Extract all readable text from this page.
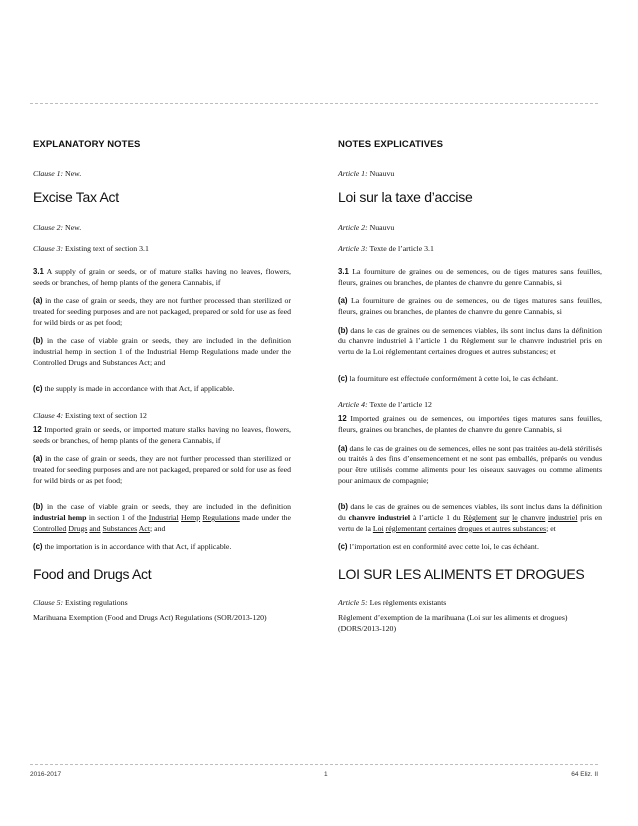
EXPLANATORY NOTES
Clause 1: New.
Excise Tax Act
Clause 2: New.
Clause 3: Existing text of section 3.1

3.1 A supply of grain or seeds, or of mature stalks having no leaves, flowers, seeds or branches, of hemp plants of the genera Cannabis, if

(a) in the case of grain or seeds, they are not further processed than sterilized or treated for seeding purposes and are not packaged, prepared or sold for use as feed for wild birds or as pet food;

(b) in the case of viable grain or seeds, they are included in the definition industrial hemp in section 1 of the Industrial Hemp Regulations made under the Controlled Drugs and Substances Act; and

(c) the supply is made in accordance with that Act, if applicable.

Clause 4: Existing text of section 12

12 Imported grain or seeds, or imported mature stalks having no leaves, flowers, seeds or branches, of hemp plants of the genera Cannabis, if

(a) in the case of grain or seeds, they are not further processed than sterilized or treated for seeding purposes and are not packaged, prepared or sold for use as feed for wild birds or as pet food;

(b) in the case of viable grain or seeds, they are included in the definition industrial hemp in section 1 of the Industrial Hemp Regulations made under the Controlled Drugs and Substances Act; and

(c) the importation is in accordance with that Act, if applicable.

Food and Drugs Act
Clause 5: Existing regulations

Marihuana Exemption (Food and Drugs Act) Regulations (SOR/2013-120)

NOTES EXPLICATIVES
Article 1: Nuauvu
Loi sur la taxe d’accise
Article 2: Nuauvu
Article 3: Texte de l’article 3.1

3.1 La fourniture de graines ou de semences, ou de tiges matures sans feuilles, fleurs, graines ou branches, de plantes de chanvre du genre Cannabis, si

(a) La fourniture de graines ou de semences, ou de tiges matures sans feuilles, fleurs, graines ou branches, de plantes de chanvre du genre Cannabis, si

(b) dans le cas de graines ou de semences viables, ils sont inclus dans la définition du chanvre industriel à l’article 1 du Règlement sur le chanvre industriel pris en vertu de la Loi réglementant certaines drogues et autres substances; et

(c) la fourniture est effectuée conformément à cette loi, le cas échéant.

Article 4: Texte de l’article 12

12 Imported graines ou de semences, ou importées tiges matures sans feuilles, fleurs, graines ou branches, de plantes de chanvre du genre Cannabis, si

(a) dans le cas de graines ou de semences, elles ne sont pas traitées au-delà stérilisés ou traités à des fins d’ensemencement et ne sont pas emballés, préparés ou vendus pour être utilisés comme aliments pour les oiseaux sauvages ou comme aliments pour animaux de compagnie;

(b) dans le cas de graines ou de semences viables, ils sont inclus dans la définition du chanvre industriel à l’article 1 du Règlement sur le chanvre industriel pris en vertu de la Loi réglementant certaines drogues et autres substances; et

(c) l’importation est en conformité avec cette loi, le cas échéant.

LOI SUR LES ALIMENTS ET DROGUES
Article 5: Les règlements existants

Règlement d’exemption de la marihuana (Loi sur les aliments et drogues) (DORS/2013-120)

2016-2017	1	64 Eliz. II
